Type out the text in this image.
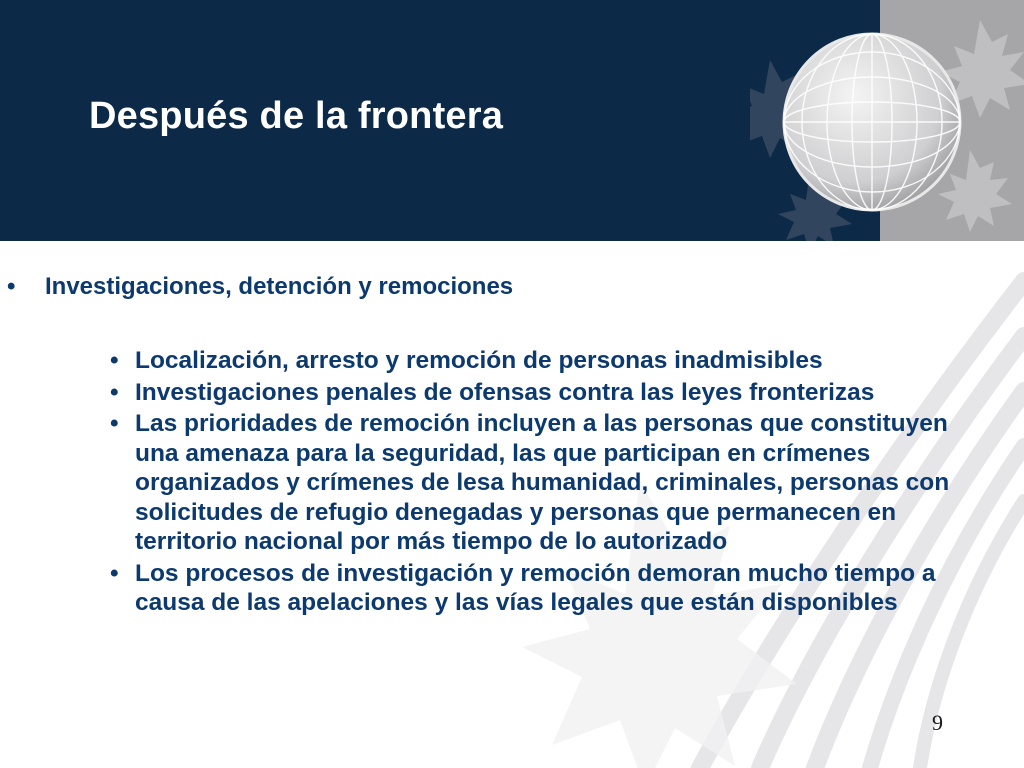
Después de la frontera
• Investigaciones, detención y remociones
• Localización, arresto y remoción de personas inadmisibles
• Investigaciones penales de ofensas contra las leyes fronterizas
• Las prioridades de remoción incluyen a las personas que constituyen una amenaza para la seguridad, las que participan en crímenes organizados y crímenes de lesa humanidad, criminales, personas con solicitudes de refugio denegadas y personas que permanecen en territorio nacional por más tiempo de lo autorizado
• Los procesos de investigación y remoción demoran mucho tiempo a causa de las apelaciones y las vías legales que están disponibles
9
